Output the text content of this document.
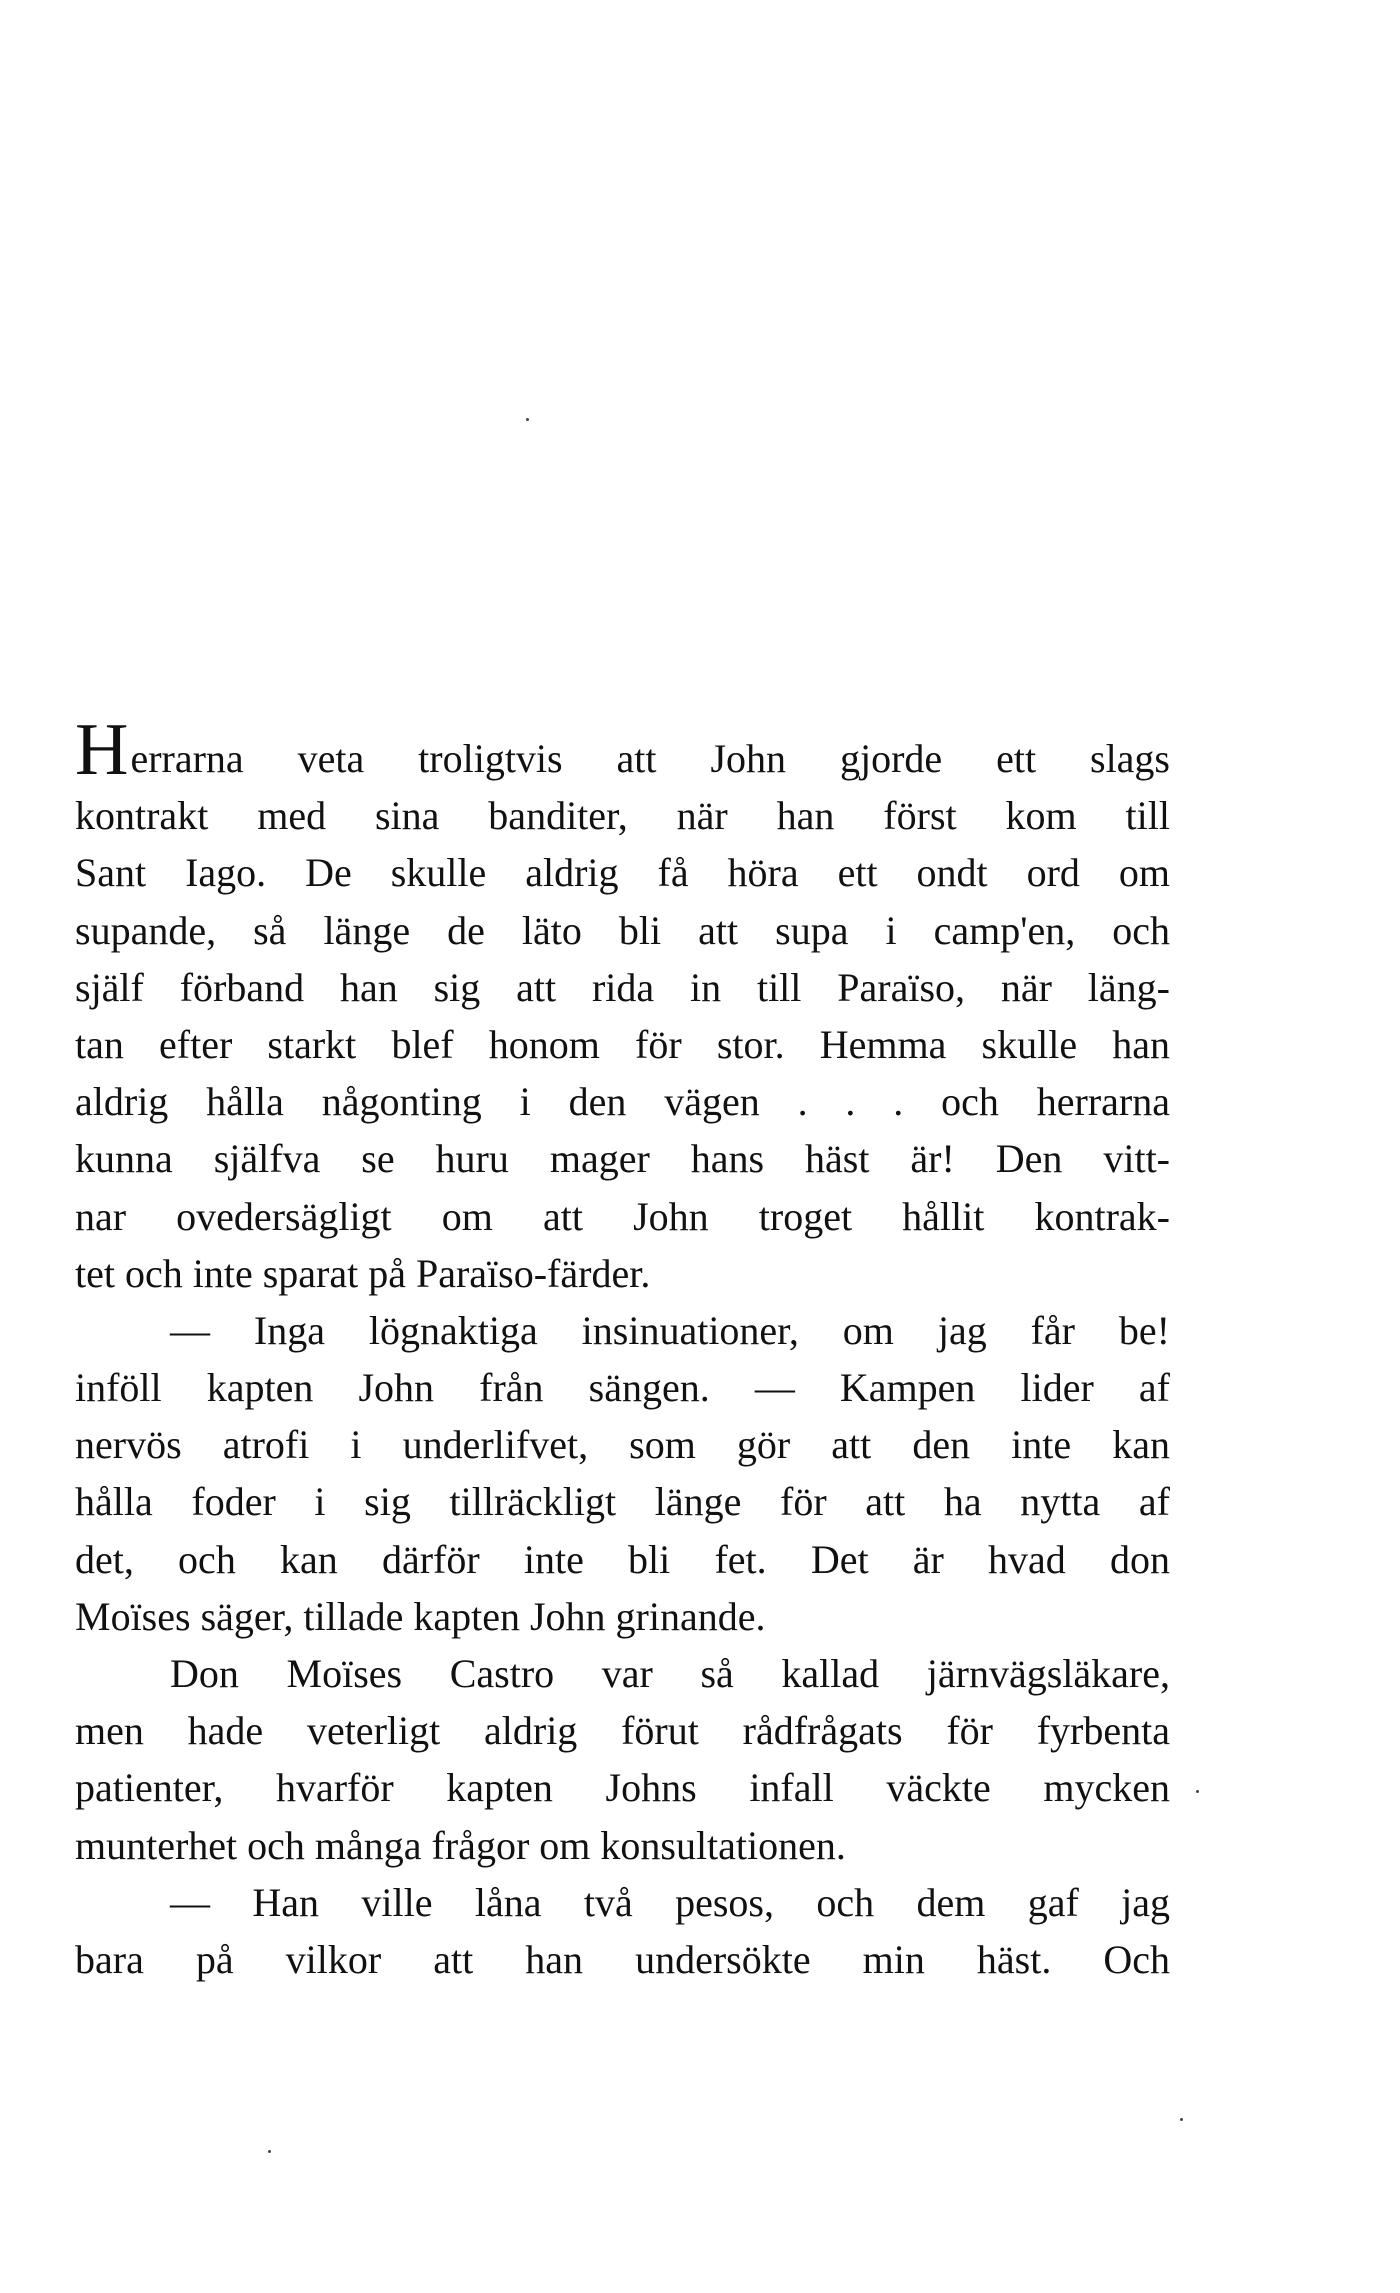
Herrarna veta troligtvis att John gjorde ett slags
kontrakt med sina banditer, när han först kom till
Sant Iago. De skulle aldrig få höra ett ondt ord om
supande, så länge de läto bli att supa i camp'en, och
själf förband han sig att rida in till Paraïso, när läng-
tan efter starkt blef honom för stor. Hemma skulle han
aldrig hålla någonting i den vägen . . . och herrarna
kunna själfva se huru mager hans häst är! Den vitt-
nar ovedersägligt om att John troget hållit kontrak-
tet och inte sparat på Paraïso-färder.
— Inga lögnaktiga insinuationer, om jag får be!
inföll kapten John från sängen. — Kampen lider af
nervös atrofi i underlifvet, som gör att den inte kan
hålla foder i sig tillräckligt länge för att ha nytta af
det, och kan därför inte bli fet. Det är hvad don
Moïses säger, tillade kapten John grinande.
Don Moïses Castro var så kallad järnvägsläkare,
men hade veterligt aldrig förut rådfrågats för fyrbenta
patienter, hvarför kapten Johns infall väckte mycken
munterhet och många frågor om konsultationen.
— Han ville låna två pesos, och dem gaf jag
bara på vilkor att han undersökte min häst. Och
